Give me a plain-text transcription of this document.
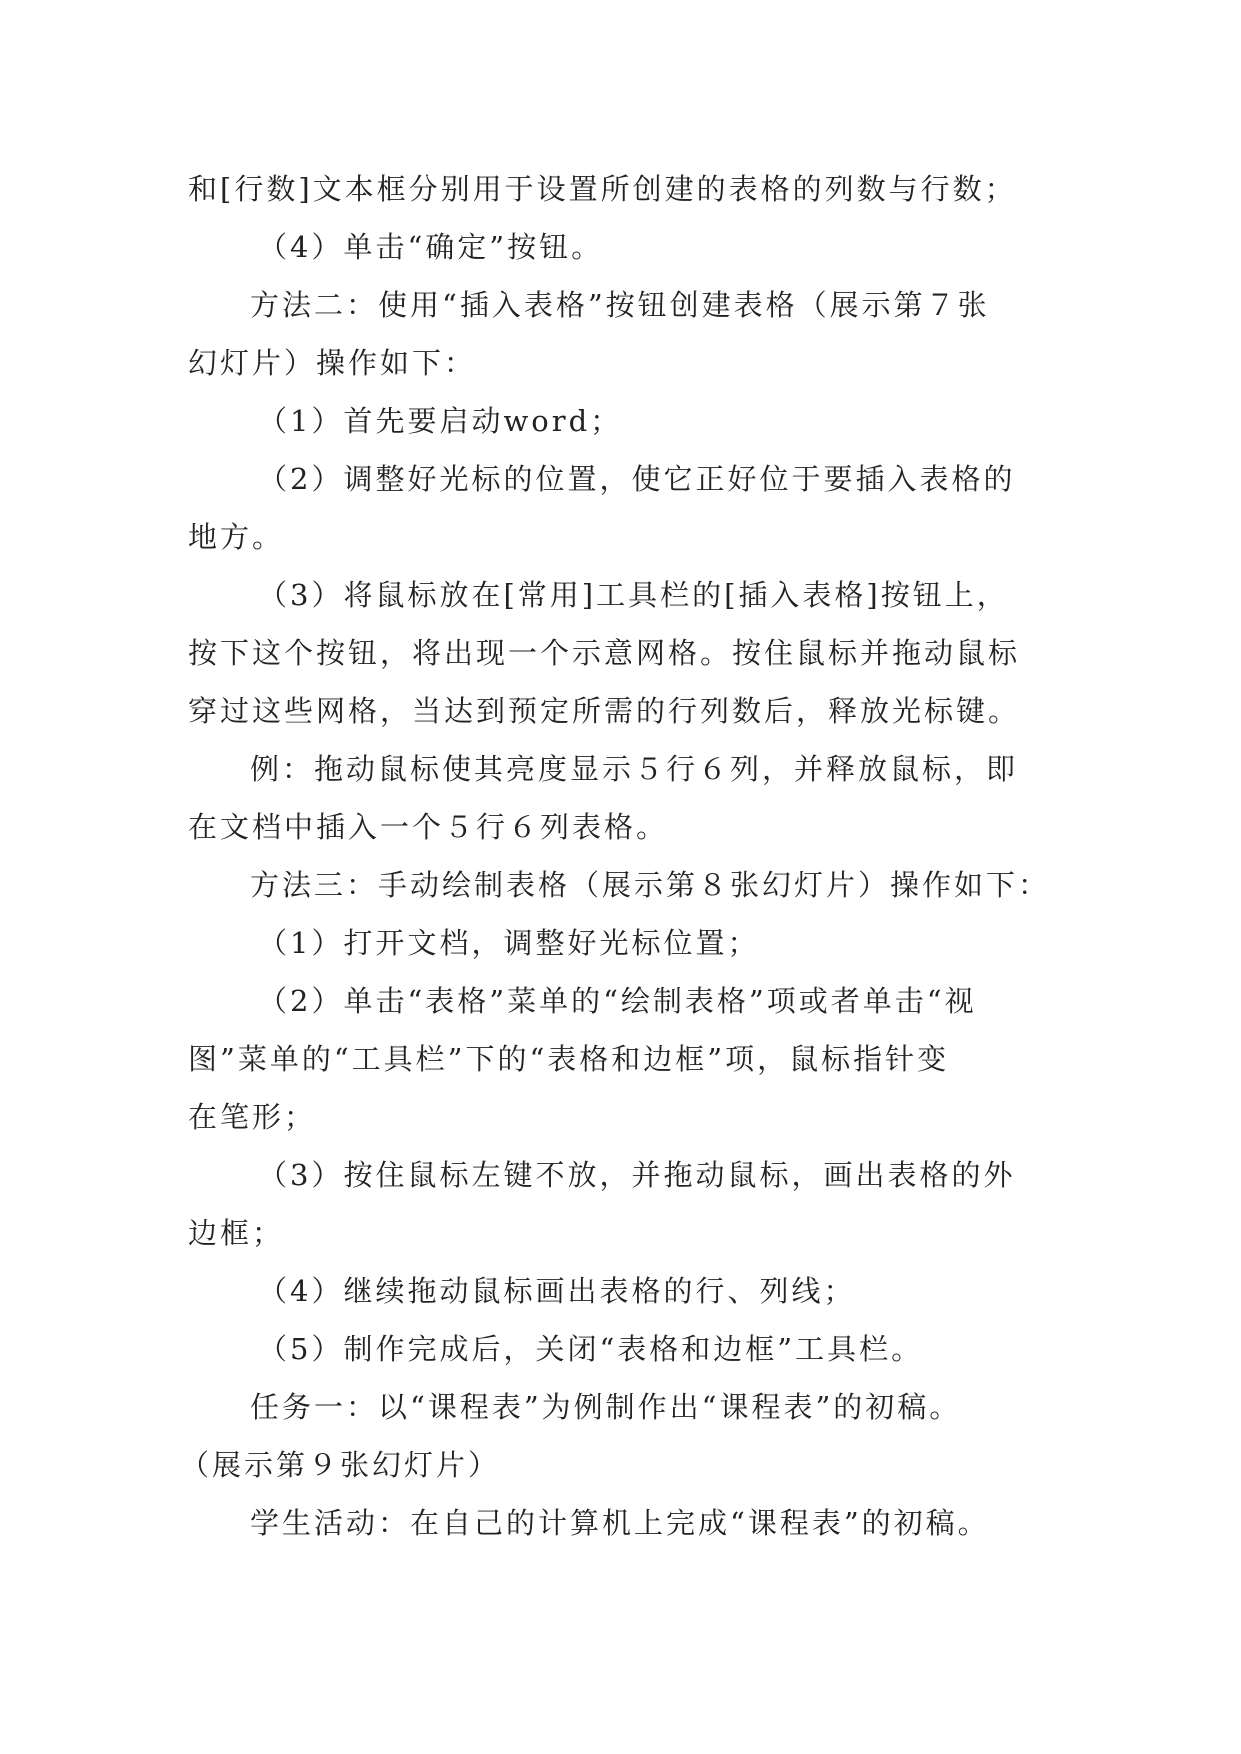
和[行数]文本框分别用于设置所创建的表格的列数与行数；

（4）单击“确定”按钮。

方法二：使用“插入表格”按钮创建表格（展示第７张

幻灯片）操作如下：

（1）首先要启动word；

（2）调整好光标的位置，使它正好位于要插入表格的

地方。

（3）将鼠标放在[常用]工具栏的[插入表格]按钮上，

按下这个按钮，将出现一个示意网格。按住鼠标并拖动鼠标

穿过这些网格，当达到预定所需的行列数后，释放光标键。

例：拖动鼠标使其亮度显示５行６列，并释放鼠标，即

在文档中插入一个５行６列表格。

方法三：手动绘制表格（展示第８张幻灯片）操作如下：

（1）打开文档，调整好光标位置；

（2）单击“表格”菜单的“绘制表格”项或者单击“视

图”菜单的“工具栏”下的“表格和边框”项，鼠标指针变

在笔形；

（3）按住鼠标左键不放，并拖动鼠标，画出表格的外

边框；

（4）继续拖动鼠标画出表格的行、列线；

（5）制作完成后，关闭“表格和边框”工具栏。

任务一：以“课程表”为例制作出“课程表”的初稿。

（展示第９张幻灯片）

学生活动：在自己的计算机上完成“课程表”的初稿。
